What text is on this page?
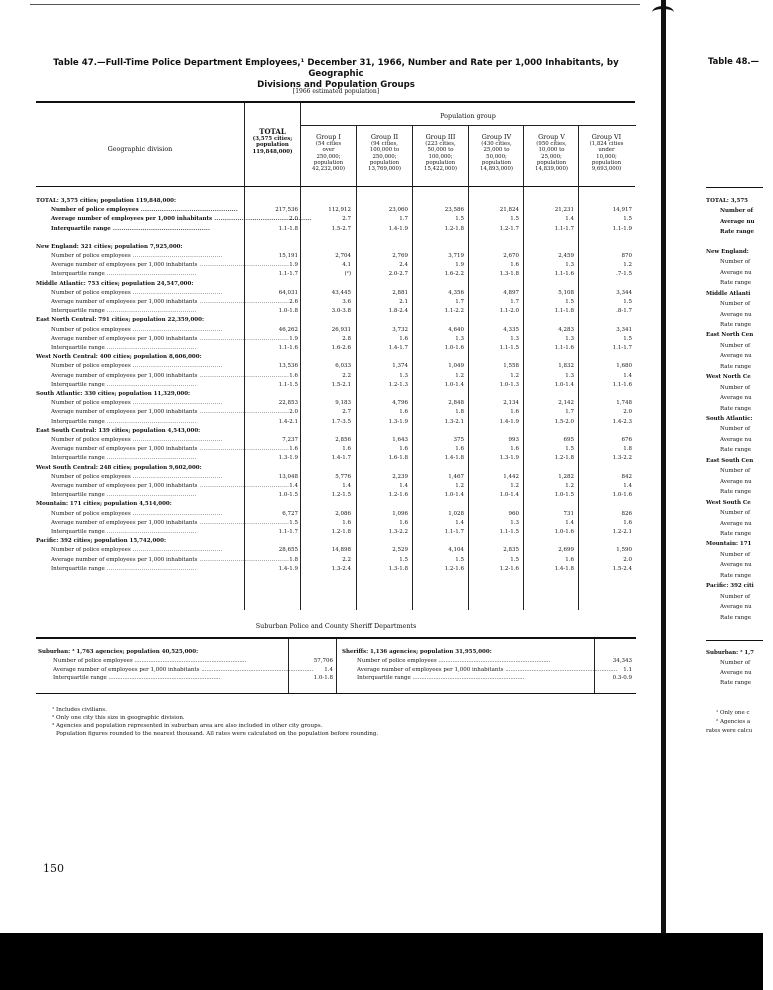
Table 47.—Full-Time Police Department Employees,¹ December 31, 1966, Number and Rate per 1,000 Inhabitants, by Geographic
Divisions and Population Groups
[1966 estimated population]
Geographic division
Population group
TOTAL
(3,575 cities;
population
119,848,000)
Group I
(54 cities
over
250,000;
population
42,232,000)
Group II
(94 cities,
100,000 to
250,000;
population
13,769,000)
Group III
(223 cities,
50,000 to
100,000;
population
15,422,000)
Group IV
(430 cities,
25,000 to
50,000;
population
14,893,000)
Group V
(950 cities,
10,000 to
25,000;
population
14,839,000)
Group VI
(1,824 cities
under
10,000;
population
9,693,000)
TOTAL: 3,575 cities; population 119,848,000:
Number of police employees .....	217,536	112,912	23,060	23,586	21,824	21,231	14,917
Average number of employees per 1,000 inhabitants .....	2.0	2.7	1.7	1.5	1.5	1.4	1.5
Interquartile range .....	1.1-1.8	1.5-2.7	1.4-1.9	1.2-1.8	1.2-1.7	1.1-1.7	1.1-1.9
New England: 321 cities; population 7,925,000:
Number of police employees .....	15,191	2,704	2,769	3,719	2,670	2,459	870
Average number of employees per 1,000 inhabitants .....	1.9	4.1	2.4	1.9	1.6	1.3	1.2
Interquartile range .....	1.1-1.7	(²)	2.0-2.7	1.6-2.2	1.3-1.8	1.1-1.6	.7-1.5
Middle Atlantic: 753 cities; population 24,547,000:
Number of police employees .....	64,031	43,445	2,881	4,356	4,897	5,108	3,344
Average number of employees per 1,000 inhabitants .....	2.6	3.6	2.1	1.7	1.7	1.5	1.5
Interquartile range .....	1.0-1.8	3.0-3.8	1.8-2.4	1.1-2.2	1.1-2.0	1.1-1.8	.8-1.7
East North Central: 791 cities; population 22,359,000:
Number of police employees .....	46,262	26,931	3,732	4,640	4,335	4,283	3,341
Average number of employees per 1,000 inhabitants .....	1.9	2.8	1.6	1.3	1.3	1.3	1.5
Interquartile range .....	1.1-1.6	1.6-2.6	1.4-1.7	1.0-1.6	1.1-1.5	1.1-1.6	1.1-1.7
West North Central: 400 cities; population 8,606,000:
Number of police employees .....	13,536	6,033	1,374	1,049	1,558	1,832	1,680
Average number of employees per 1,000 inhabitants .....	1.6	2.2	1.3	1.2	1.2	1.3	1.4
Interquartile range .....	1.1-1.5	1.5-2.1	1.2-1.3	1.0-1.4	1.0-1.3	1.0-1.4	1.1-1.6
South Atlantic: 330 cities; population 11,329,000:
Number of police employees .....	22,853	9,183	4,796	2,848	2,134	2,142	1,748
Average number of employees per 1,000 inhabitants .....	2.0	2.7	1.6	1.8	1.6	1.7	2.0
Interquartile range .....	1.4-2.1	1.7-3.5	1.3-1.9	1.3-2.1	1.4-1.9	1.5-2.0	1.4-2.3
East South Central: 139 cities; population 4,543,000:
Number of police employees .....	7,237	2,856	1,643	375	993	695	676
Average number of employees per 1,000 inhabitants .....	1.6	1.6	1.6	1.6	1.6	1.5	1.8
Interquartile range .....	1.3-1.9	1.4-1.7	1.6-1.8	1.4-1.8	1.3-1.9	1.2-1.8	1.3-2.2
West South Central: 248 cities; population 9,602,000:
Number of police employees .....	13,048	5,776	2,239	1,467	1,442	1,282	842
Average number of employees per 1,000 inhabitants .....	1.4	1.4	1.4	1.2	1.2	1.2	1.4
Interquartile range .....	1.0-1.5	1.2-1.5	1.2-1.6	1.0-1.4	1.0-1.4	1.0-1.5	1.0-1.6
Mountain: 171 cities; population 4,514,000:
Number of police employees .....	6,727	2,086	1,096	1,028	960	731	826
Average number of employees per 1,000 inhabitants .....	1.5	1.6	1.6	1.4	1.3	1.4	1.6
Interquartile range .....	1.1-1.7	1.2-1.8	1.3-2.2	1.1-1.7	1.1-1.5	1.0-1.6	1.2-2.1
Pacific: 392 cities; population 15,742,000:
Number of police employees .....	28,655	14,898	2,529	4,104	2,835	2,699	1,590
Average number of employees per 1,000 inhabitants .....	1.8	2.2	1.5	1.5	1.5	1.6	2.0
Interquartile range .....	1.4-1.9	1.3-2.4	1.3-1.8	1.2-1.6	1.2-1.6	1.4-1.8	1.5-2.4
Suburban Police and County Sheriff Departments
Suburban: ³ 1,763 agencies; population 40,525,000:
Number of police employees ................................................................	57,706
Average number of employees per 1,000 inhabitants ................................................................ 1.4
Interquartile range ................................................................	1.0-1.8
Sheriffs: 1,136 agencies; population 31,955,000:
Number of police employees ................................................................	34,343
Average number of employees per 1,000 inhabitants ................................................................ 1.1
Interquartile range ................................................................	0.3-0.9
¹ Includes civilians.
² Only one city this size in geographic division.
³ Agencies and population represented in suburban area are also included in other city groups.
Population figures rounded to the nearest thousand. All rates were calculated on the population before rounding.
150
Table 48.—
TOTAL: 3,575
Number of
Average nu
Rate range
New England:
Number of
Average nu
Rate range
Middle Atlanti
Number of
Average nu
Rate range
East North Cen
Number of
Average nu
Rate range
West North Ce
Number of
Average nu
Rate range
South Atlantic:
Number of
Average nu
Rate range
East South Cen
Number of
Average nu
Rate range
West South Ce
Number of
Average nu
Rate range
Mountain: 171
Number of
Average nu
Rate range
Pacific: 392 citi
Number of
Average nu
Rate range
Suburban: ³ 1,7
Number of
Average nu
Rate range
¹ Only one c
² Agencies a
rates were calcu
